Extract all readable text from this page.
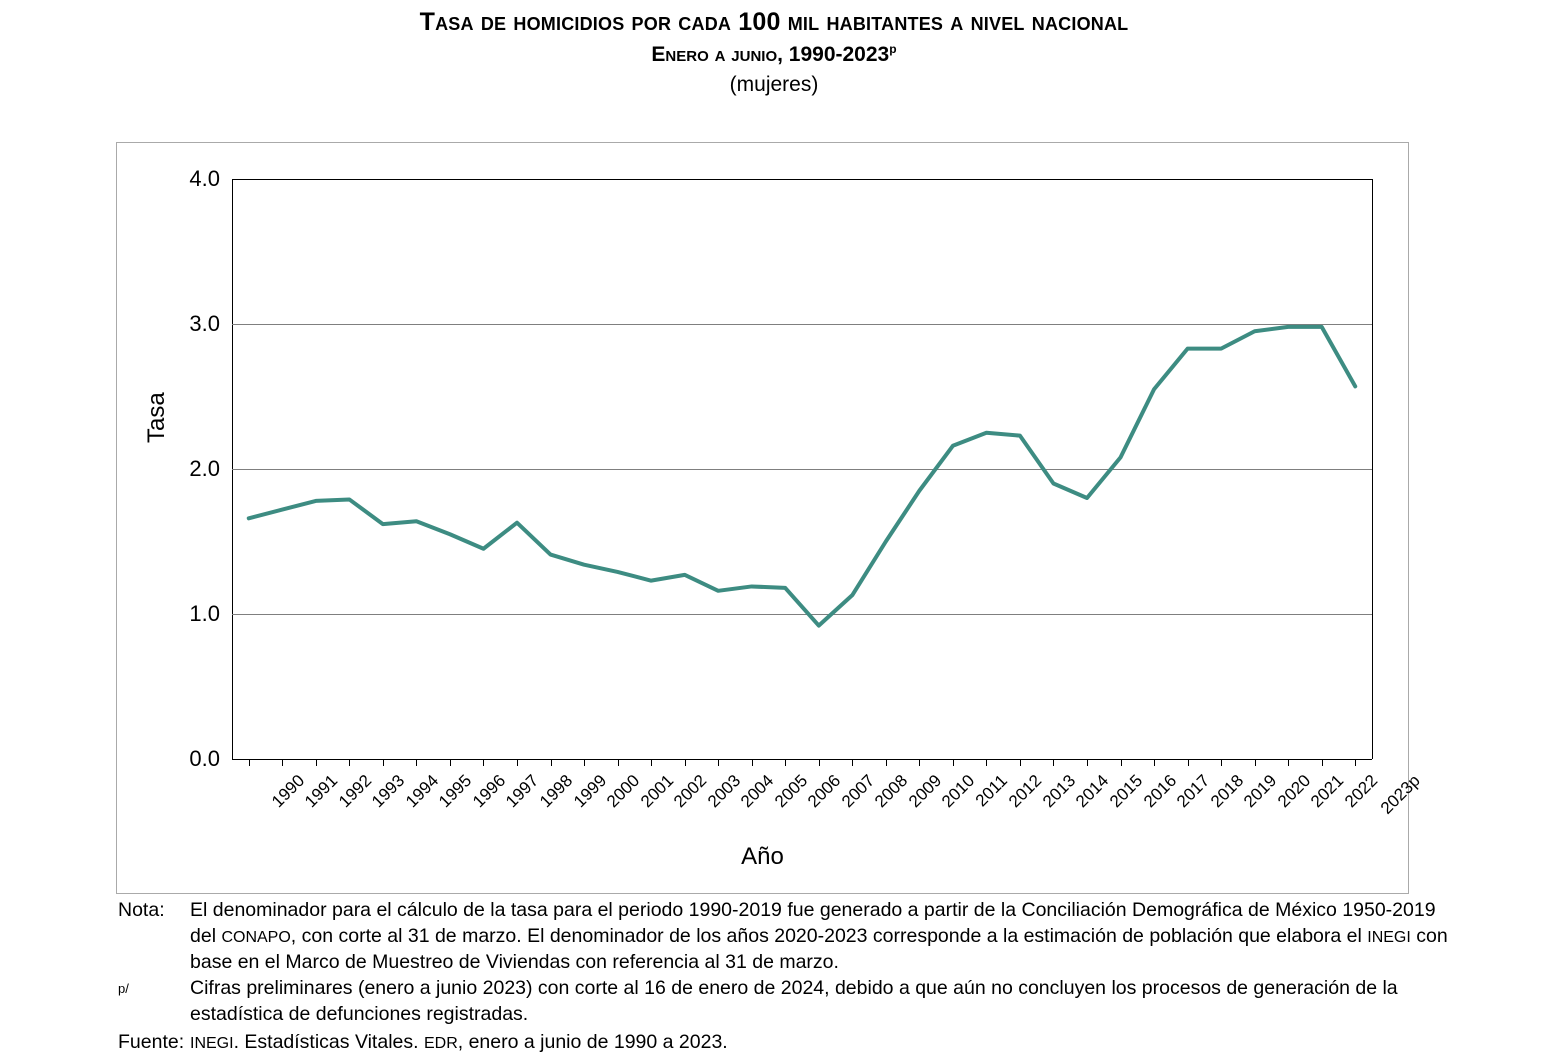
Tasa de homicidios por cada 100 mil habitantes a nivel nacional
Enero a junio, 1990-2023$^p$
(mujeres)
Tasa
Año
0.0
1.0
2.0
3.0
4.0
1990
1991
1992
1993
1994
1995
1996
1997
1998
1999
2000
2001
2002
2003
2004
2005
2006
2007
2008
2009
2010
2011
2012
2013
2014
2015
2016
2017
2018
2019
2020
2021
2022
2023p
Nota:	El denominador para el cálculo de la tasa para el periodo 1990-2019 fue generado a partir de la Conciliación Demográfica de México 1950-2019 del CONAPO, con corte al 31 de marzo. El denominador de los años 2020-2023 corresponde a la estimación de población que elabora el INEGI con base en el Marco de Muestreo de Viviendas con referencia al 31 de marzo.
p/	Cifras preliminares (enero a junio 2023) con corte al 16 de enero de 2024, debido a que aún no concluyen los procesos de generación de la estadística de defunciones registradas.
Fuente: INEGI. Estadísticas Vitales. EDR, enero a junio de 1990 a 2023.
